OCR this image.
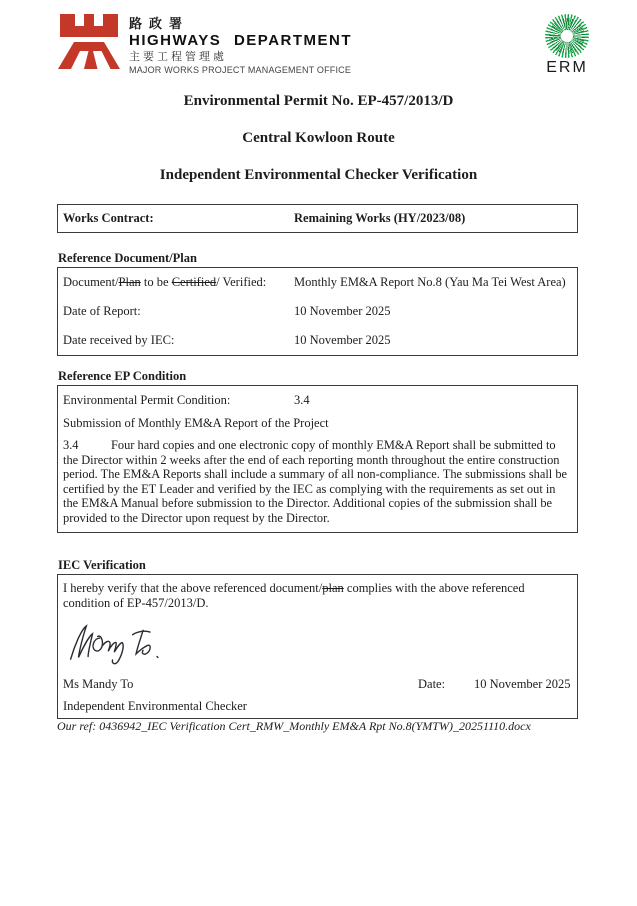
路政署
HIGHWAYS DEPARTMENT
主要工程管理處
MAJOR WORKS PROJECT MANAGEMENT OFFICE	ERM
Environmental Permit No. EP-457/2013/D
Central Kowloon Route
Independent Environmental Checker Verification
Works Contract:	Remaining Works (HY/2023/08)
Reference Document/Plan
Document/Plan to be Certified/ Verified:	Monthly EM&A Report No.8 (Yau Ma Tei West Area)
Date of Report:	10 November 2025
Date received by IEC:	10 November 2025
Reference EP Condition
Environmental Permit Condition:	3.4
Submission of Monthly EM&A Report of the Project
3.4	Four hard copies and one electronic copy of monthly EM&A Report shall be submitted to the Director within 2 weeks after the end of each reporting month throughout the entire construction period. The EM&A Reports shall include a summary of all non-compliance. The submissions shall be certified by the ET Leader and verified by the IEC as complying with the requirements as set out in the EM&A Manual before submission to the Director. Additional copies of the submission shall be provided to the Director upon request by the Director.
IEC Verification
I hereby verify that the above referenced document/plan complies with the above referenced condition of EP-457/2013/D.
Ms Mandy To	Date:	10 November 2025
Independent Environmental Checker
Our ref: 0436942_IEC Verification Cert_RMW_Monthly EM&A Rpt No.8(YMTW)_20251110.docx
